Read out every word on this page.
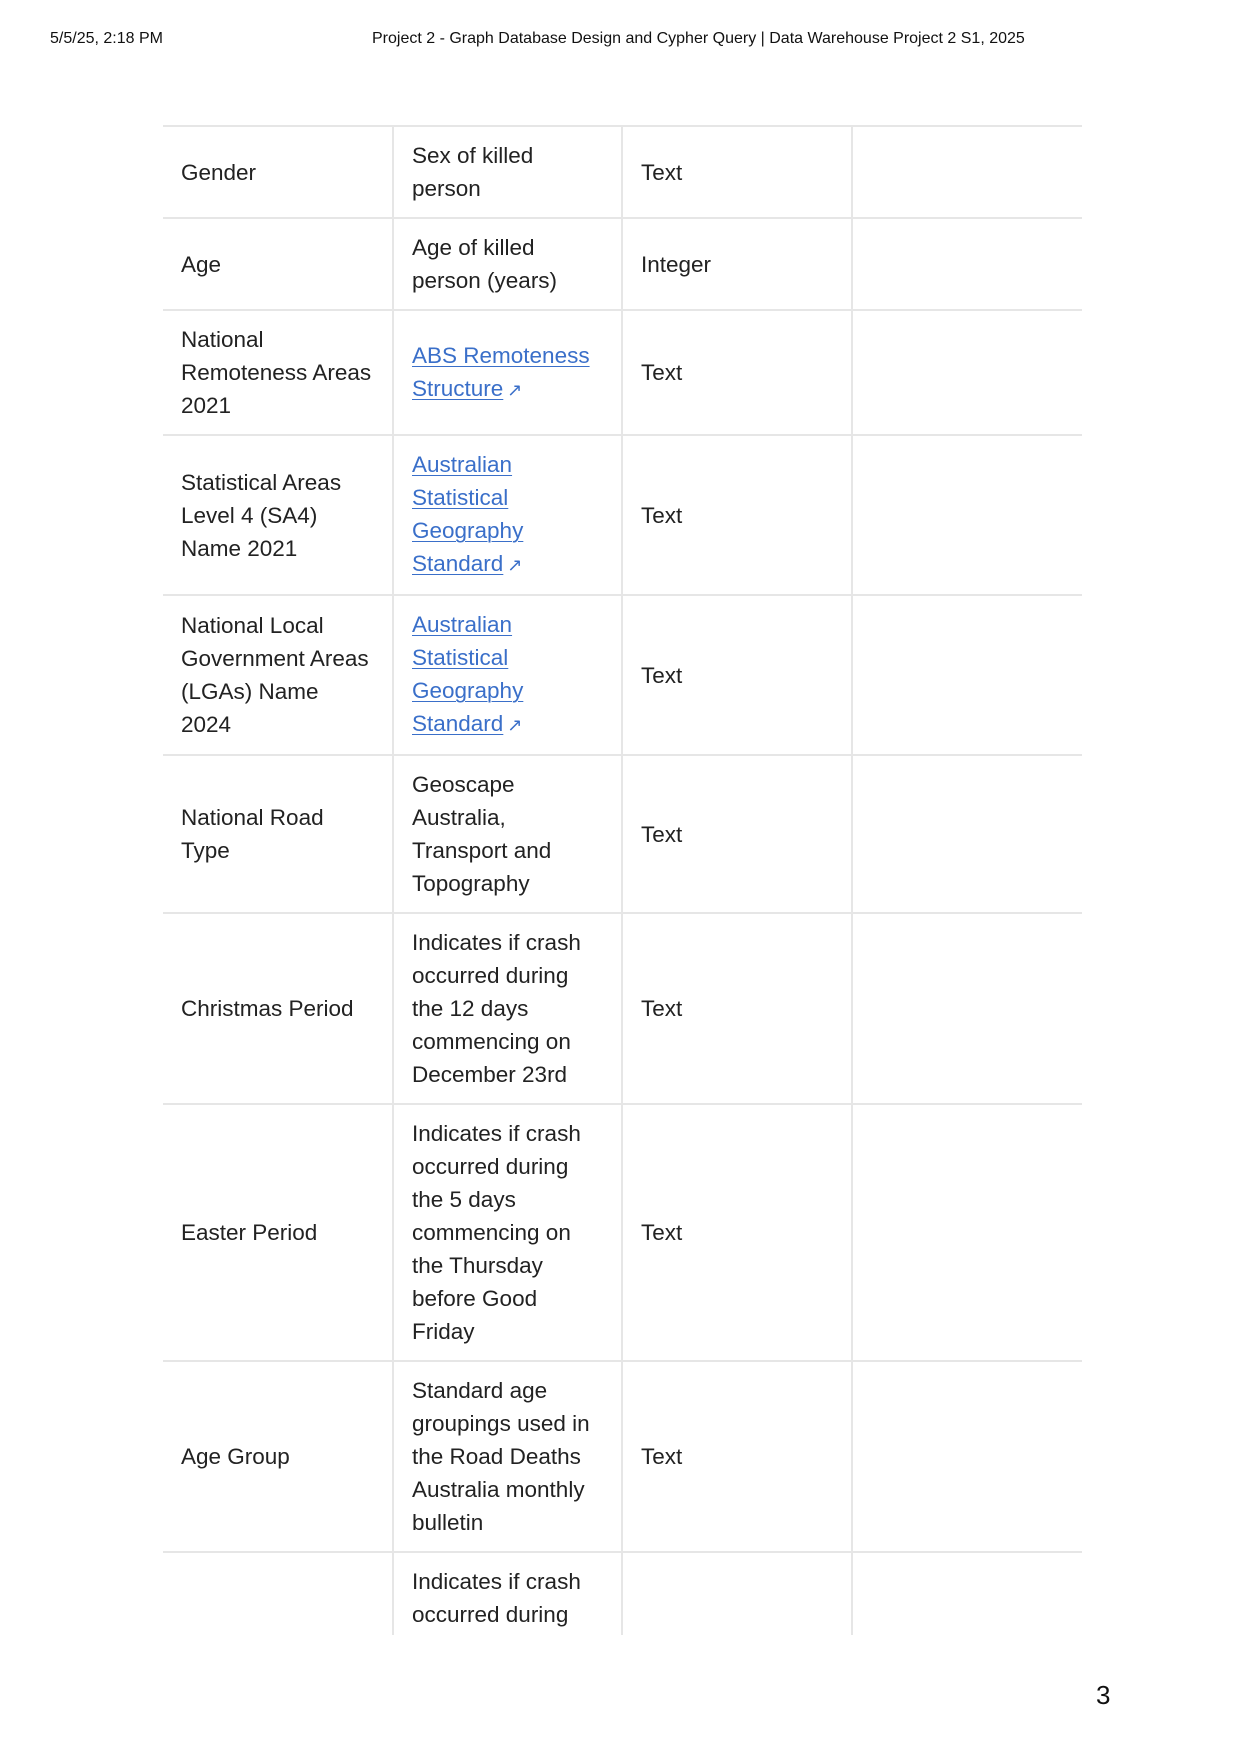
5/5/25, 2:18 PM	Project 2 - Graph Database Design and Cypher Query | Data Warehouse Project 2 S1, 2025
Gender	Sex of killed person	Text	
Age	Age of killed person (years)	Integer	
National Remoteness Areas 2021	ABS Remoteness Structure ↗	Text	
Statistical Areas Level 4 (SA4) Name 2021	Australian Statistical Geography Standard ↗	Text	
National Local Government Areas (LGAs) Name 2024	Australian Statistical Geography Standard ↗	Text	
National Road Type	Geoscape Australia, Transport and Topography	Text	
Christmas Period	Indicates if crash occurred during the 12 days commencing on December 23rd	Text	
Easter Period	Indicates if crash occurred during the 5 days commencing on the Thursday before Good Friday	Text	
Age Group	Standard age groupings used in the Road Deaths Australia monthly bulletin	Text	
	Indicates if crash occurred during		
3
